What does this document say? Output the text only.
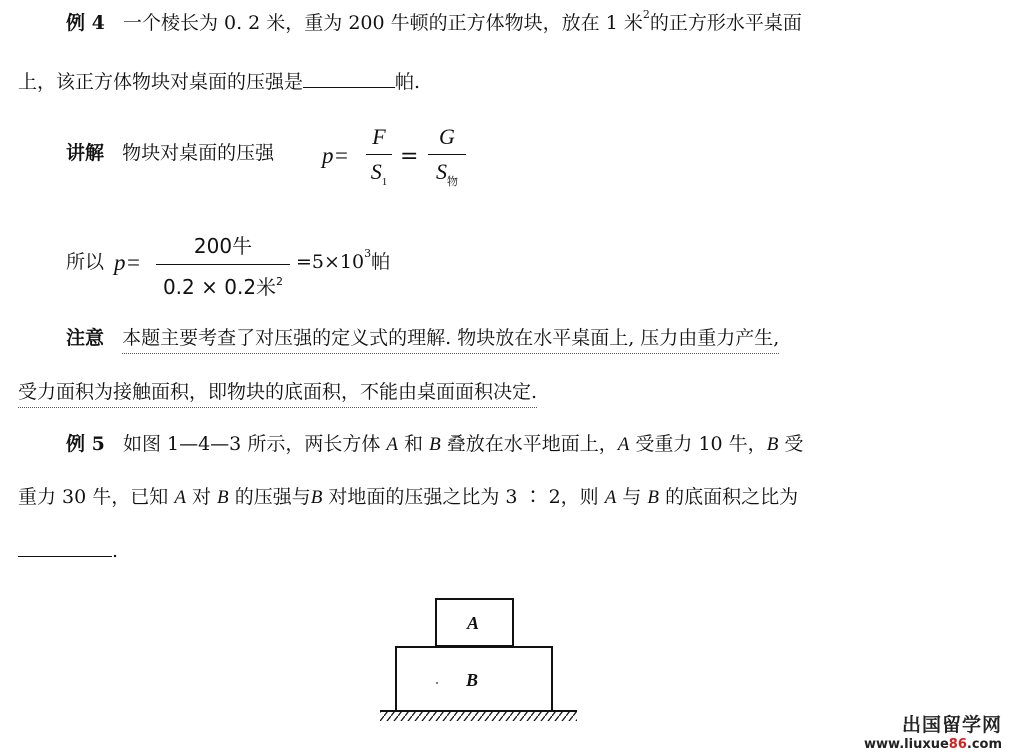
例 4 一个棱长为 0. 2 米，重为 200 牛顿的正方体物块，放在 1 米$^2$的正方形水平桌面
上，该正方体物块对桌面的压强是	帕.
讲解 物块对桌面的压强 p=
F
$S_1$
=
G
$S_物$
所以 p=
200牛
0.2 × 0.2米$^2$
$=5\times 10^3$帕
注意 本题主要考查了对压强的定义式的理解. 物块放在水平桌面上, 压力由重力产生,
受力面积为接触面积，即物块的底面积，不能由桌面面积决定.
例 5 如图 1—4—3 所示，两长方体 A 和 B 叠放在水平地面上，A 受重力 10 牛，B 受
重力 30 牛，已知 A 对 B 的压强与B 对地面的压强之比为 3 ∶ 2，则 A 与 B 的底面积之比为
.
A
B
出国留学网
www.liuxue86.com
